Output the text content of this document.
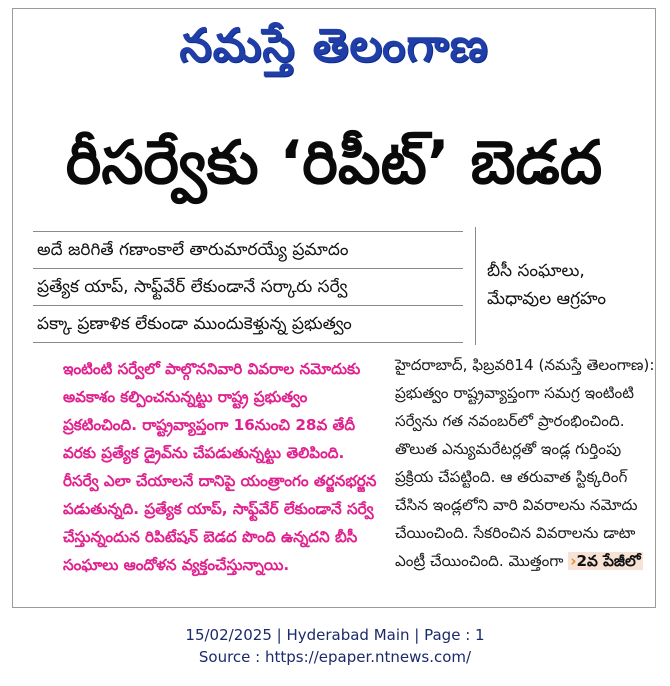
నమస్తే తెలంగాణ
రీసర్వేకు ‘రిపీట్’ బెడద
అదే జరిగితే గణాంకాలే తారుమారయ్యే ప్రమాదం
ప్రత్యేక యాప్, సాఫ్ట్‌వేర్ లేకుండానే సర్కారు సర్వే
పక్కా ప్రణాళిక లేకుండా ముందుకెళ్తున్న ప్రభుత్వం
బీసీ సంఘాలు,
మేధావుల ఆగ్రహం

ఇంటింటి సర్వేలో పాల్గొననివారి వివరాల నమోదుకు అవకాశం కల్పించనున్నట్టు రాష్ట్ర ప్రభుత్వం ప్రకటించింది. రాష్ట్రవ్యాప్తంగా 16నుంచి 28వ తేదీ వరకు ప్రత్యేక డ్రైవ్‌ను చేపడుతున్నట్టు తెలిపింది. రీసర్వే ఎలా చేయాలనే దానిపై యంత్రాంగం తర్జనభర్జన పడుతున్నది. ప్రత్యేక యాప్, సాఫ్ట్‌వేర్ లేకుండానే సర్వే చేస్తున్నందున రిపిటేషన్ బెడద పొంది ఉన్నదని బీసీ సంఘాలు ఆందోళన వ్యక్తంచేస్తున్నాయి.

హైదరాబాద్, ఫిబ్రవరి14 (నమస్తే తెలంగాణ): ప్రభుత్వం రాష్ట్రవ్యాప్తంగా సమగ్ర ఇంటింటి సర్వేను గత నవంబర్‌లో ప్రారంభించింది. తొలుత ఎన్యుమరేటర్లతో ఇండ్ల గుర్తింపు ప్రక్రియ చేపట్టింది. ఆ తరువాత స్టిక్కరింగ్ చేసిన ఇండ్లలోని వారి వివరాలను నమోదు చేయించింది. సేకరించిన వివరాలను డాటా ఎంట్రీ చేయించింది. మొత్తంగా ›2వ పేజీలో

15/02/2025 | Hyderabad Main | Page : 1
Source : https://epaper.ntnews.com/
